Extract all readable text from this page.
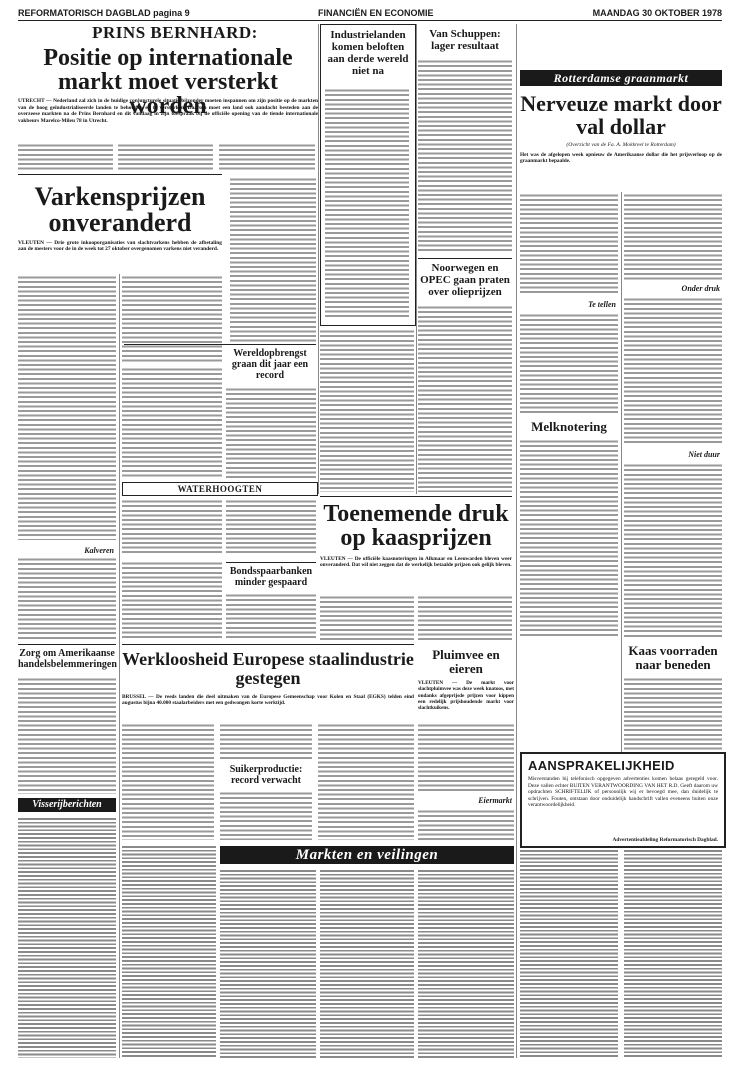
REFORMATORISCH DAGBLAD pagina 9	FINANCIËN EN ECONOMIE	MAANDAG 30 OKTOBER 1978
PRINS BERNHARD:
Positie op internationale markt moet versterkt worden
UTRECHT — Nederland zal zich in de huidige conjuncturele situatie bijzonder moeten inspannen om zijn positie op de markten van de hoog geïndustrialiseerde landen te behouden en te versterken. Daarom moet een land ook aandacht besteden aan de overzeese markten na de Prins Bernhard en dit vandaag in zijn toespraak bij de officiële opening van de tiende internationale vakbeurs Marelco-Mileu 78 in Utrecht.
Varkensprijzen onveranderd
VLEUTEN — Drie grote inkooporganisaties van slachtvarkens hebben de afbetaling aan de mesters voor de in de week tot 27 oktober overgenomen varkens niet veranderd.
Kalveren
Wereldopbrengst graan dit jaar een record
WATERHOOGTEN
Bondsspaarbanken minder gespaard
Zorg om Amerikaanse handelsbelemmeringen Werkloosheid Europese staalindustrie gestegen
BRUSSEL — De reeds landen die deel uitmaken van de Europese Gemeenschap voor Kolen en Staal (EGKS) telden eind augustus bijna 40.000 staalarbeiders met een gedwongen korte werktijd.
Suikerproductie: record verwacht
Visserijberichten
Industrielanden komen beloften aan derde wereld niet na
Van Schuppen: lager resultaat
Noorwegen en OPEC gaan praten over olieprijzen
Toenemende druk op kaasprijzen
VLEUTEN — De officiële kaasnoteringen in Alkmaar en Leeuwarden bleven weer onveranderd. Dat wil niet zeggen dat de werkelijk betaalde prijzen ook gelijk bleven.
Rotterdamse graanmarkt
Nerveuze markt door val dollar
(Overzicht van de Fa. A. Mokkreel te Rotterdam)
Het was de afgelopen week opnieuw de Amerikaanse dollar die het prijsverloop op de graanmarkt bepaalde.
Onder druk
Te tellen
Melknotering
Niet duur
Kaas voorraden naar beneden
AANSPRAKELIJKHEID
Misverstanden bij telefonisch opgegeven advertenties komen helaas geregeld voor. Deze vallen echter BUITEN VERANTWOORDING VAN HET R.D. Geeft daarom uw opdrachten SCHRIFTELIJK of persoonlijk wij er bevoegd mee, dan duidelijk te schrijven. Fouten, ontstaan door onduidelijk handschrift vallen eveneens buiten onze verantwoordelijkheid.
Advertentieafdeling Reformatorisch Dagblad.
Markten en veilingen
Pluimvee en eieren
VLEUTEN — De markt voor slachtpluimvee was deze week knatoos, met ondanks afgeprijsde prijzen voor kippen een redelijk prijshoudende markt voor slachtkuikens.
Eiermarkt
